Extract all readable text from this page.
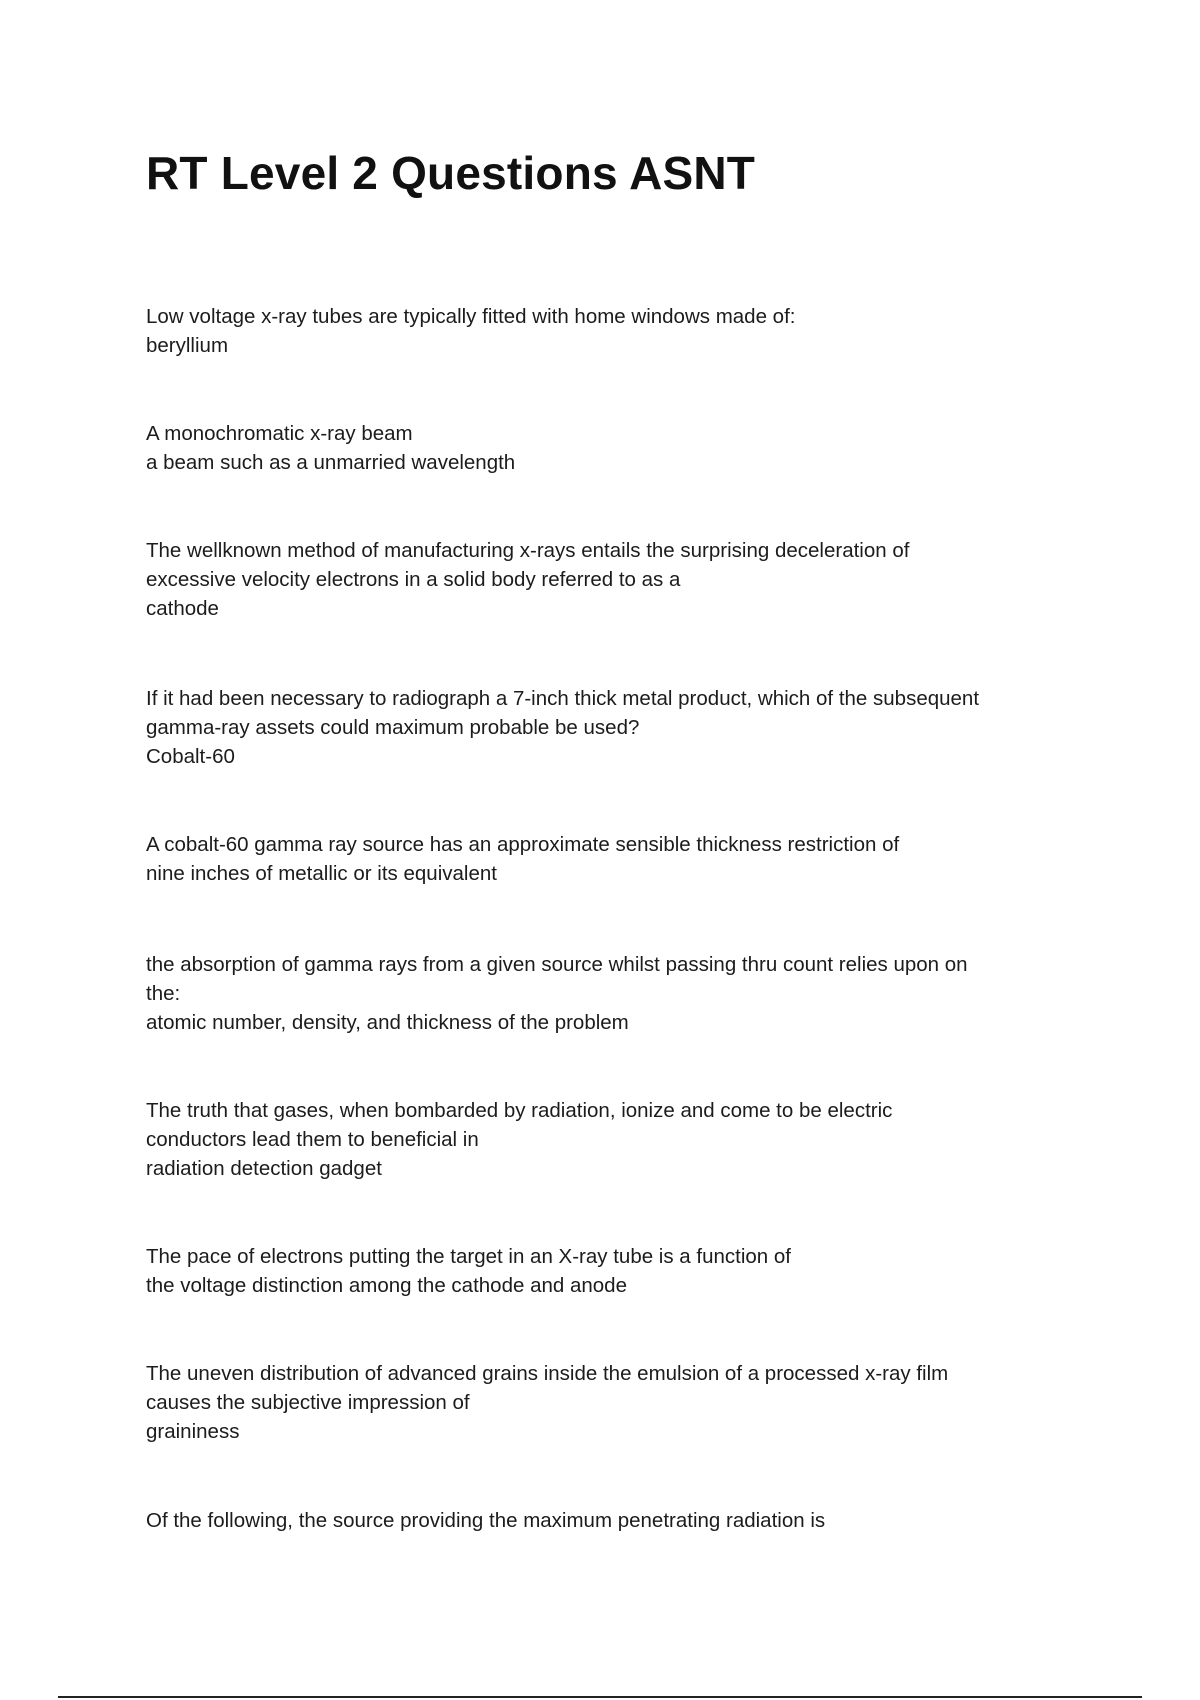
RT Level 2 Questions ASNT
Low voltage x-ray tubes are typically fitted with home windows made of:
beryllium
A monochromatic x-ray beam
a beam such as a unmarried wavelength
The wellknown method of manufacturing x-rays entails the surprising deceleration of
excessive velocity electrons in a solid body referred to as a
cathode
If it had been necessary to radiograph a 7-inch thick metal product, which of the subsequent
gamma-ray assets could maximum probable be used?
Cobalt-60
A cobalt-60 gamma ray source has an approximate sensible thickness restriction of
nine inches of metallic or its equivalent
the absorption of gamma rays from a given source whilst passing thru count relies upon on
the:
atomic number, density, and thickness of the problem
The truth that gases, when bombarded by radiation, ionize and come to be electric
conductors lead them to beneficial in
radiation detection gadget
The pace of electrons putting the target in an X-ray tube is a function of
the voltage distinction among the cathode and anode
The uneven distribution of advanced grains inside the emulsion of a processed x-ray film
causes the subjective impression of
graininess
Of the following, the source providing the maximum penetrating radiation is
